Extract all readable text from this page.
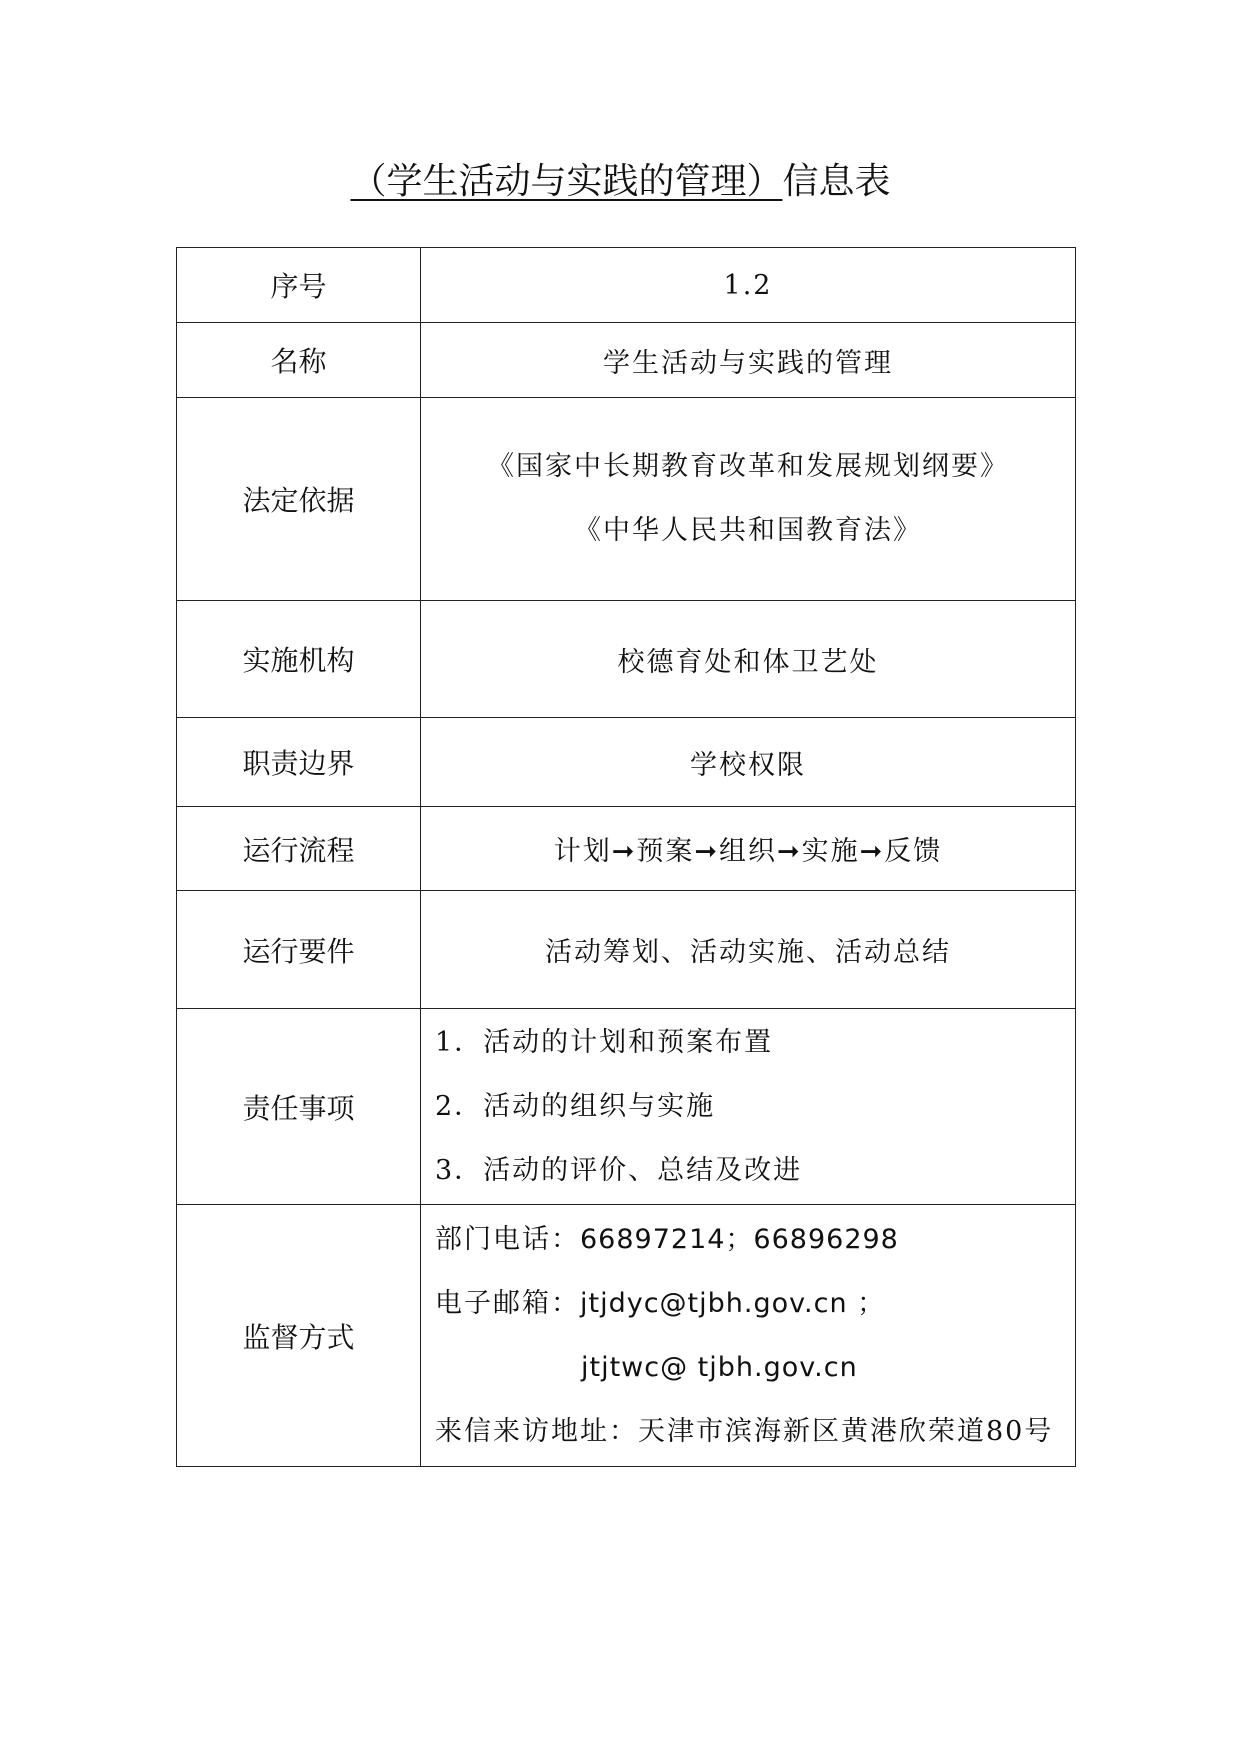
（学生活动与实践的管理）信息表
序号	1.2
名称	学生活动与实践的管理
法定依据	《国家中长期教育改革和发展规划纲要》
《中华人民共和国教育法》

实施机构	校德育处和体卫艺处
职责边界	学校权限
运行流程	计划➞预案➞组织➞实施➞反馈
运行要件	活动筹划、活动实施、活动总结
责任事项	1．活动的计划和预案布置
2．活动的组织与实施
3．活动的评价、总结及改进

监督方式	部门电话：66897214；66896298
电子邮箱：jtjdyc@tjbh.gov.cn ；
jtjtwc@ tjbh.gov.cn
来信来访地址：天津市滨海新区黄港欣荣道80号
